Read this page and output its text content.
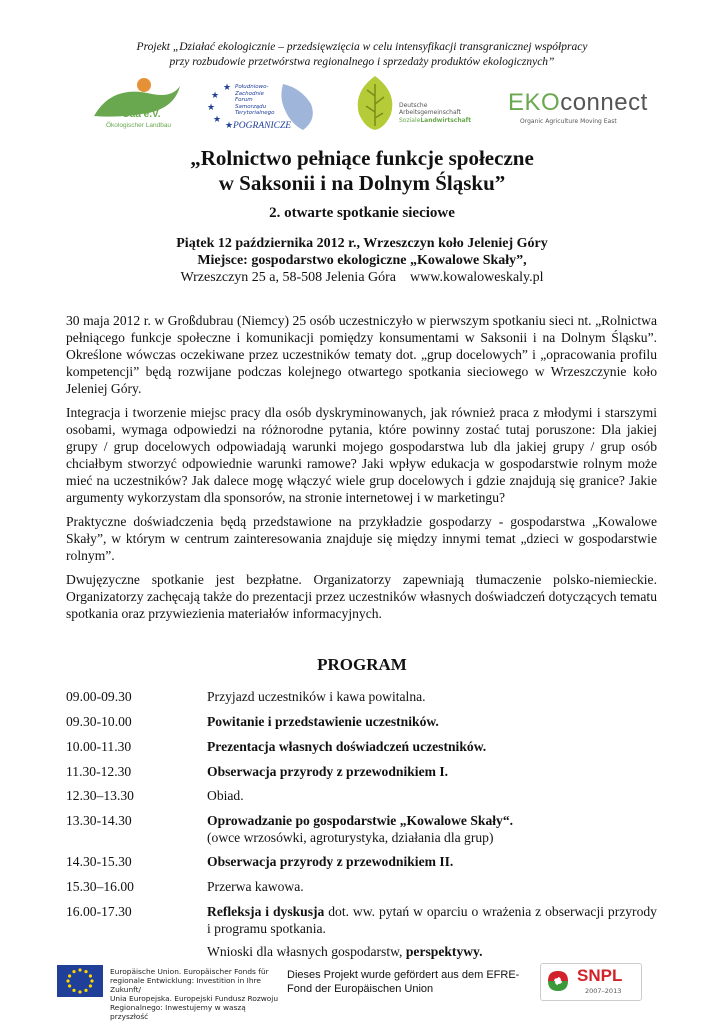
Projekt „Działać ekologicznie – przedsięwzięcia w celu intensyfikacji transgranicznej współpracy
przy rozbudowie przetwórstwa regionalnego i sprzedaży produktów ekologicznych”
Gäa e.V.
Ökologischer Landbau
★
★
★
★
★
Południowo-
Zachodnie
Forum
Samorządu
Terytorialnego
POGRANICZE
Deutsche
Arbeitsgemeinschaft
SozialeLandwirtschaft
EKOconnect
Organic Agriculture Moving East
„Rolnictwo pełniące funkcje społeczne
w Saksonii i na Dolnym Śląsku”
2. otwarte spotkanie sieciowe
Piątek 12 października 2012 r., Wrzeszczyn koło Jeleniej Góry
Miejsce: gospodarstwo ekologiczne „Kowalowe Skały”,
Wrzeszczyn 25 a, 58-508 Jelenia Góra www.kowaloweskaly.pl

30 maja 2012 r. w Großdubrau (Niemcy) 25 osób uczestniczyło w pierwszym spotkaniu sieci nt. „Rolnictwa pełniącego funkcje społeczne i komunikacji pomiędzy konsumentami w Saksonii i na Dolnym Śląsku”. Określone wówczas oczekiwane przez uczestników tematy dot. „grup docelowych” i „opracowania profilu kompetencji” będą rozwijane podczas kolejnego otwartego spotkania sieciowego w Wrzeszczynie koło Jeleniej Góry.

Integracja i tworzenie miejsc pracy dla osób dyskryminowanych, jak również praca z młodymi i starszymi osobami, wymaga odpowiedzi na różnorodne pytania, które powinny zostać tutaj poruszone: Dla jakiej grupy / grup docelowych odpowiadają warunki mojego gospodarstwa lub dla jakiej grupy / grup osób chciałbym stworzyć odpowiednie warunki ramowe? Jaki wpływ edukacja w gospodarstwie rolnym może mieć na uczestników? Jak dalece mogę włączyć wiele grup docelowych i gdzie znajdują się granice? Jakie argumenty wykorzystam dla sponsorów, na stronie internetowej i w marketingu?

Praktyczne doświadczenia będą przedstawione na przykładzie gospodarzy - gospodarstwa „Kowalowe Skały”, w którym w centrum zainteresowania znajduje się między innymi temat „dzieci w gospodarstwie rolnym”.

Dwujęzyczne spotkanie jest bezpłatne. Organizatorzy zapewniają tłumaczenie polsko-niemieckie. Organizatorzy zachęcają także do prezentacji przez uczestników własnych doświadczeń dotyczących tematu spotkania oraz przywiezienia materiałów informacyjnych.

PROGRAM
09.00-09.30	Przyjazd uczestników i kawa powitalna.
09.30-10.00	Powitanie i przedstawienie uczestników.
10.00-11.30	Prezentacja własnych doświadczeń uczestników.
11.30-12.30	Obserwacja przyrody z przewodnikiem I.
12.30–13.30	Obiad.
13.30-14.30	Oprowadzanie po gospodarstwie „Kowalowe Skały“.
(owce wrzosówki, agroturystyka, działania dla grup)
14.30-15.30	Obserwacja przyrody z przewodnikiem II.
15.30–16.00	Przerwa kawowa.
16.00-17.30	Refleksja i dyskusja dot. ww. pytań w oparciu o wrażenia z obserwacji przyrody i programu spotkania.
Wnioski dla własnych gospodarstw, perspektywy.
Europäische Union. Europäischer Fonds für
regionale Entwicklung: Investition in Ihre Zukunft/
Unia Europejska. Europejski Fundusz Rozwoju
Regionalnego: Inwestujemy w waszą przyszłość
Dieses Projekt wurde gefördert aus dem EFRE-
Fond der Europäischen Union
SNPL
2007–2013
